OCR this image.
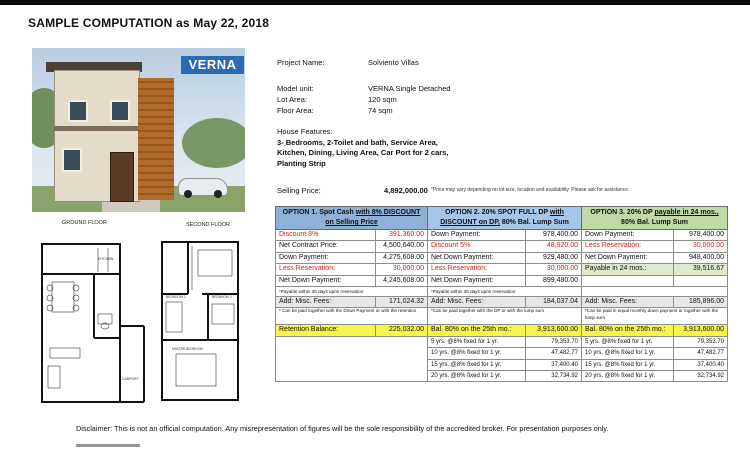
SAMPLE COMPUTATION as May 22, 2018
VERNA
GROUND FLOOR	SECOND FLOOR
KITCHEN
CARPORT
BEDROOM 2	BEDROOM 3
MASTER BEDROOM
Project Name:	Solviento Villas
Model unit:	VERNA Single Detached
Lot Area:	120 sqm
Floor Area:	74 sqm
House Features:
3- Bedrooms, 2-Toilet and bath, Service Area,
Kitchen, Dining, Living Area, Car Port for 2 cars,
Planting Strip
Selling Price:	4,892,000.00 *Price may vary depending on lot size, location and availability. Please ask for assistance.
OPTION 1. Spot Cash with 8% DISCOUNT
on Selling Price		OPTION 2. 20% SPOT FULL DP with
DISCOUNT on DP, 80% Bal. Lump Sum		OPTION 3. 20% DP payable in 24 mos.,
80% Bal. Lump Sum	
Discount 8%	391,360.00	Down Payment:	978,400.00	Down Payment:	978,400.00
Net Contract Price:	4,500,640.00	Discount 5%	48,920.00	Less Reservation:	30,000.00
Down Payment:	4,275,608.00	Net Down Payment:	929,480.00	Net Down Payment:	948,400.00
Less Reservation:	30,000.00	Less Reservation:	30,000.00	Payable in 24 mos.:	39,516.67
Net Down Payment:	4,245,608.00	Net Down Payment:	899,480.00		
*Payable within 30 days upon reservation		*Payable within 30 days upon reservation			
Add: Misc. Fees:	171,024.32	Add: Misc. Fees:	184,037.04	Add: Misc. Fees:	185,896.00
* Can be paid together with the Down Payment or with the retention		*Can be paid together with the DP or with the lump sum		*Can be paid in equal monthly down payment or together with the lump sum	
Retention Balance:	225,032.00	Bal. 80% on the 25th mo.:	3,913,600.00	Bal. 80% on the 25th mo.:	3,913,600.00
		5 yrs. @8% fixed for 1 yr.	79,353.70	5 yrs. @8% fixed for 1 yr.	79,353.70
		10 yrs. @8% fixed for 1 yr.	47,482.77	10 yrs. @8% fixed for 1 yr.	47,482.77
		15 yrs. @8% fixed for 1 yr.	37,400.40	15 yrs. @8% fixed for 1 yr.	37,400.40
		20 yrs. @8% fixed for 1 yr.	32,734.92	20 yrs. @8% fixed for 1 yr.	32,734.92
Disclaimer: This is not an official computation. Any misrepresentation of figures will be the sole responsibility of the accredited broker. For presentation purposes only.
